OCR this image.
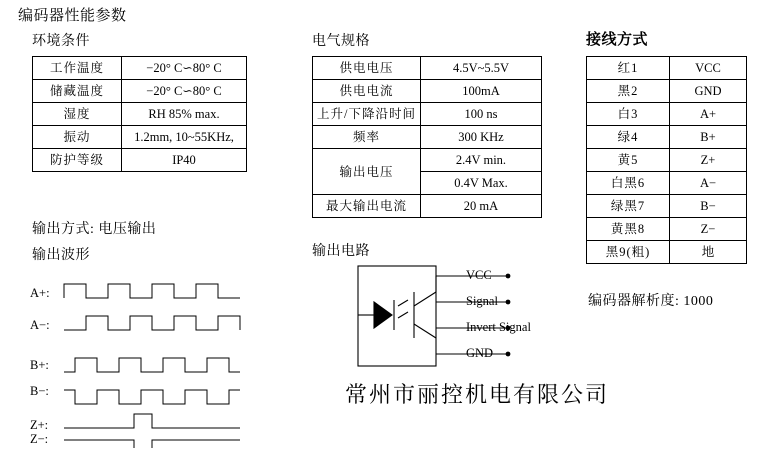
编码器性能参数
环境条件
工作温度	−20° C∽80° C
储藏温度	−20° C∽80° C
湿度	RH 85% max.
振动	1.2mm, 10~55KHz,
防护等级	IP40
电气规格
供电电压	4.5V~5.5V
供电电流	100mA
上升/下降沿时间	100 ns
频率	300 KHz
输出电压	2.4V min.
	0.4V Max.
最大输出电流	20 mA
接线方式
红1	VCC
黑2	GND
白3	A+
绿4	B+
黄5	Z+
白黑6	A−
绿黑7	B−
黄黑8	Z−
黑9(粗)	地
输出方式: 电压输出
输出波形
A+:
A−:
B+:
B−:
Z+:
Z−:
输出电路
VCC
Signal
Invert Signal
GND
编码器解析度: 1000
常州市丽控机电有限公司
